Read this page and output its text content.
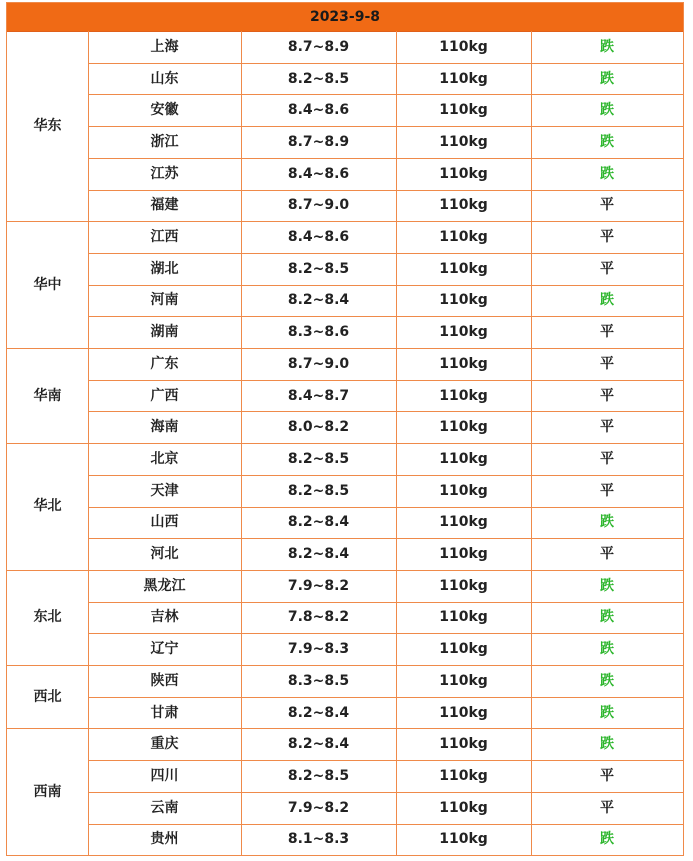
2023-9-8
华东
上海	8.7~8.9	110kg	跌
山东	8.2~8.5	110kg	跌
安徽	8.4~8.6	110kg	跌
浙江	8.7~8.9	110kg	跌
江苏	8.4~8.6	110kg	跌
福建	8.7~9.0	110kg	平
华中
江西	8.4~8.6	110kg	平
湖北	8.2~8.5	110kg	平
河南	8.2~8.4	110kg	跌
湖南	8.3~8.6	110kg	平
华南
广东	8.7~9.0	110kg	平
广西	8.4~8.7	110kg	平
海南	8.0~8.2	110kg	平
华北
北京	8.2~8.5	110kg	平
天津	8.2~8.5	110kg	平
山西	8.2~8.4	110kg	跌
河北	8.2~8.4	110kg	平
东北
黑龙江	7.9~8.2	110kg	跌
吉林	7.8~8.2	110kg	跌
辽宁	7.9~8.3	110kg	跌
西北
陕西	8.3~8.5	110kg	跌
甘肃	8.2~8.4	110kg	跌
西南
重庆	8.2~8.4	110kg	跌
四川	8.2~8.5	110kg	平
云南	7.9~8.2	110kg	平
贵州	8.1~8.3	110kg	跌
